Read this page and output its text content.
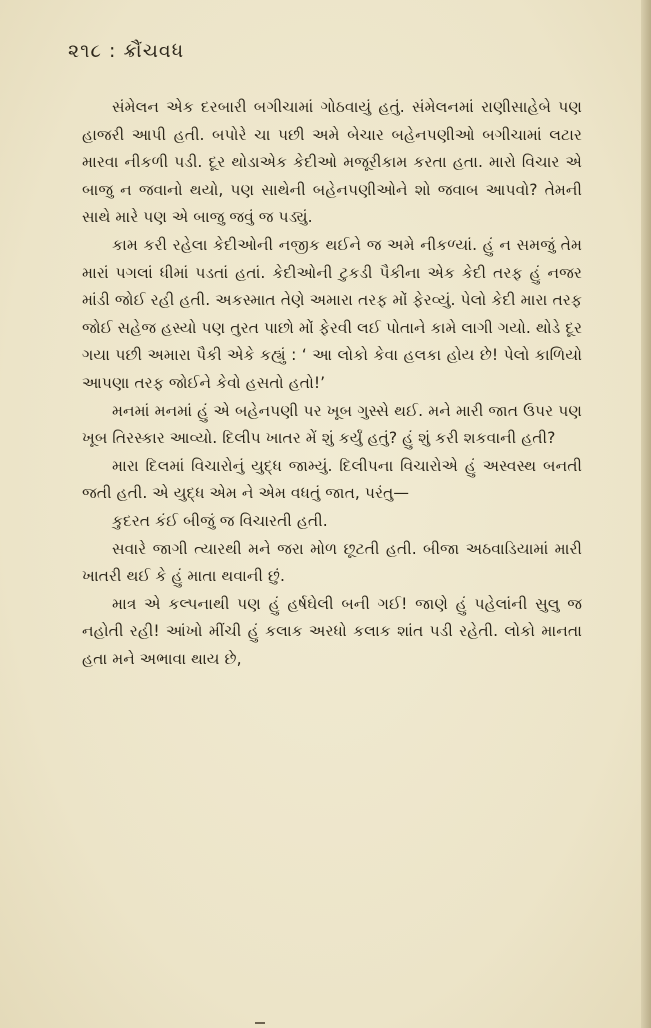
૨૧૮ : ક્રૌંચવધ

સંમેલન એક દરબારી બગીચામાં ગોઠવાયું હતું. સંમેલનમાં રાણીસાહેબે પણ હાજરી આપી હતી. બપોરે ચા પછી અમે બેચાર બહેનપણીઓ બગીચામાં લટાર મારવા નીકળી પડી. દૂર થોડાએક કેદીઓ મજૂરીકામ કરતા હતા. મારો વિચાર એ બાજુ ન જવાનો થયો, પણ સાથેની બહેનપણીઓને શો જવાબ આપવો? તેમની સાથે મારે પણ એ બાજુ જવું જ પડ્યું.

કામ કરી રહેલા કેદીઓની નજીક થઈને જ અમે નીકળ્યાં. હું ન સમજું તેમ મારાં પગલાં ધીમાં પડતાં હતાં. કેદીઓની ટુકડી પૈકીના એક કેદી તરફ હું નજર માંડી જોઈ રહી હતી. અકસ્માત તેણે અમારા તરફ મોં ફેરવ્યું. પેલો કેદી મારા તરફ જોઈ સહેજ હસ્યો પણ તુરત પાછો મોં ફેરવી લઈ પોતાને કામે લાગી ગયો. થોડે દૂર ગયા પછી અમારા પૈકી એકે કહ્યું : ‘ આ લોકો કેવા હલકા હોય છે! પેલો કાળિયો આપણા તરફ જોઈને કેવો હસતો હતો!’

મનમાં મનમાં હું એ બહેનપણી પર ખૂબ ગુસ્સે થઈ. મને મારી જાત ઉપર પણ ખૂબ તિરસ્કાર આવ્યો. દિલીપ ખાતર મેં શું કર્યું હતું? હું શું કરી શકવાની હતી?

મારા દિલમાં વિચારોનું યુદ્ધ જામ્યું. દિલીપના વિચારોએ હું અસ્વસ્થ બનતી જતી હતી. એ યુદ્ધ એમ ને એમ વધતું જાત, પરંતુ—

કુદરત કંઈ બીજું જ વિચારતી હતી.

સવારે જાગી ત્યારથી મને જરા મોળ છૂટતી હતી. બીજા અઠવાડિયામાં મારી ખાતરી થઈ કે હું માતા થવાની છું.

માત્ર એ કલ્પનાથી પણ હું હર્ષઘેલી બની ગઈ! જાણે હું પહેલાંની સુલુ જ નહોતી રહી! આંખો મીંચી હું કલાક અરધો કલાક શાંત પડી રહેતી. લોકો માનતા હતા મને અભાવા થાય છે,
